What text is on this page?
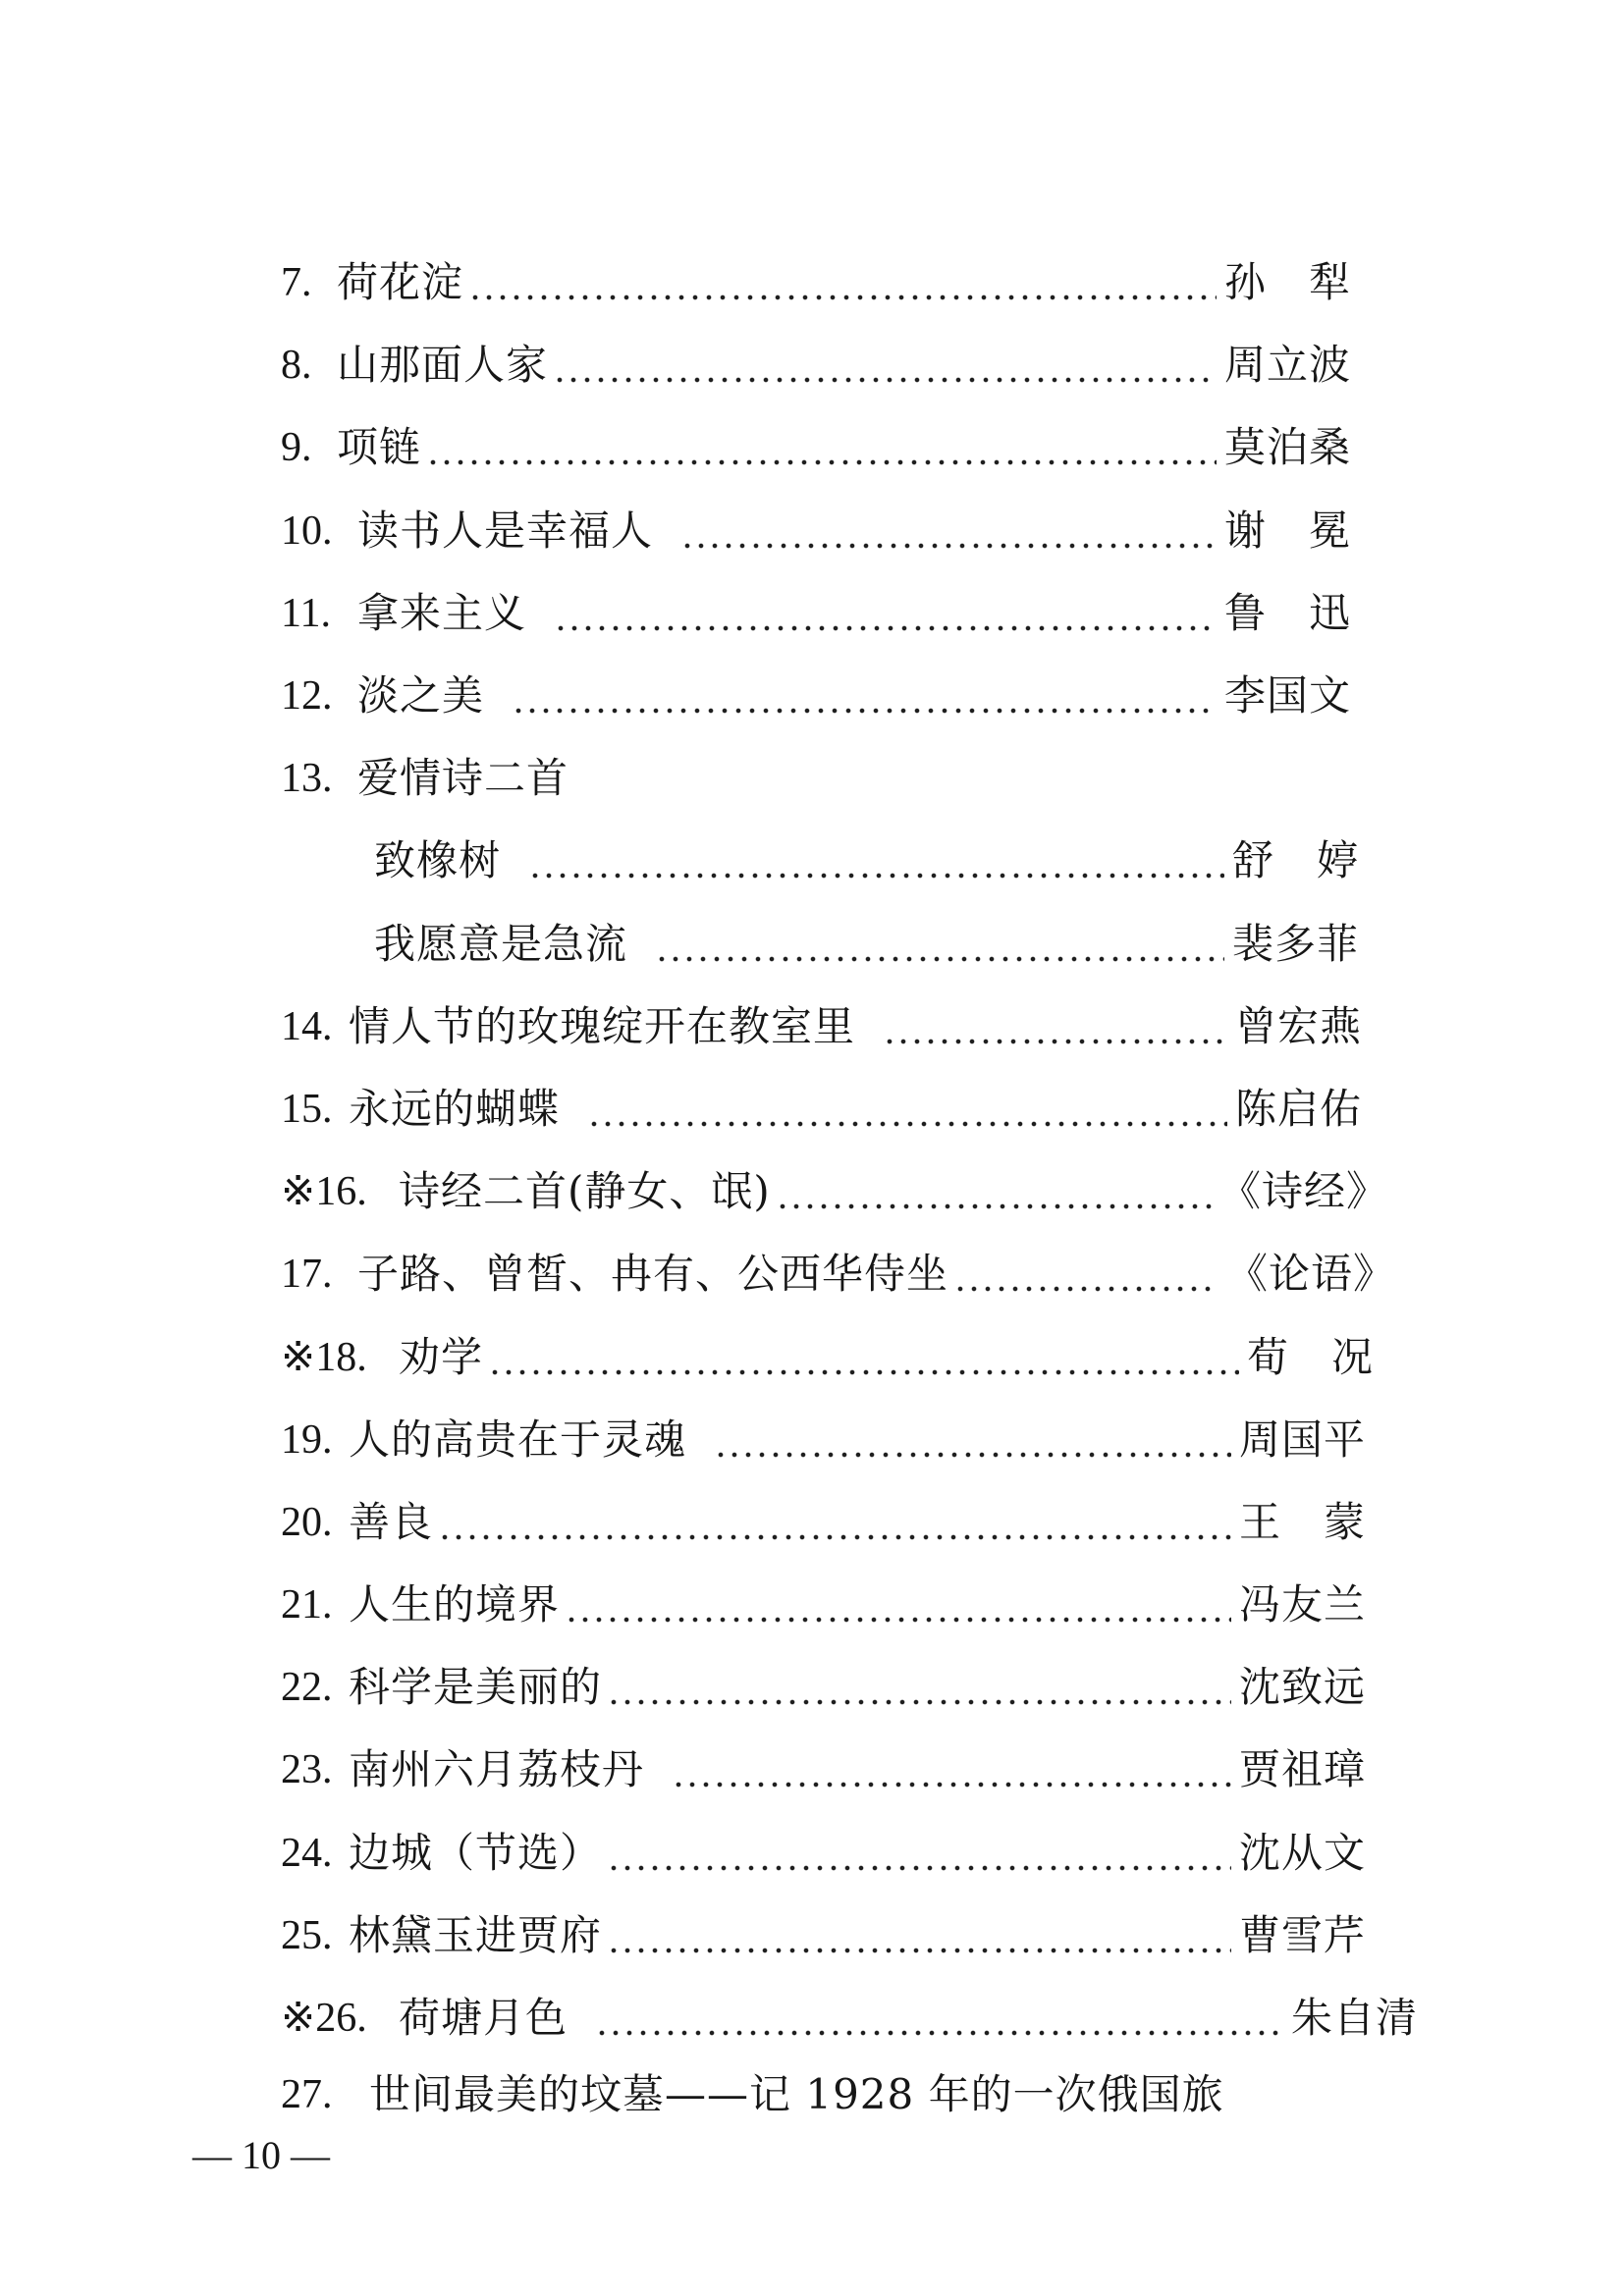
7. 荷花淀	孙　犁
8. 山那面人家	周立波
9. 项链	莫泊桑
10. 读书人是幸福人	谢　冕
11. 拿来主义	鲁　迅
12. 淡之美	李国文
13. 爱情诗二首
致橡树	舒　婷
我愿意是急流	裴多菲
14. 情人节的玫瑰绽开在教室里	曾宏燕
15. 永远的蝴蝶	陈启佑
※16. 诗经二首(静女、氓)	《诗经》
17. 子路、曾皙、冉有、公西华侍坐	《论语》
※18. 劝学	荀　况
19. 人的高贵在于灵魂	周国平
20. 善良	王　蒙
21. 人生的境界	冯友兰
22. 科学是美丽的	沈致远
23. 南州六月荔枝丹	贾祖璋
24. 边城（节选）	沈从文
25. 林黛玉进贾府	曹雪芹
※26. 荷塘月色	朱自清
27. 世间最美的坟墓——记 1928 年的一次俄国旅
— 10 —
